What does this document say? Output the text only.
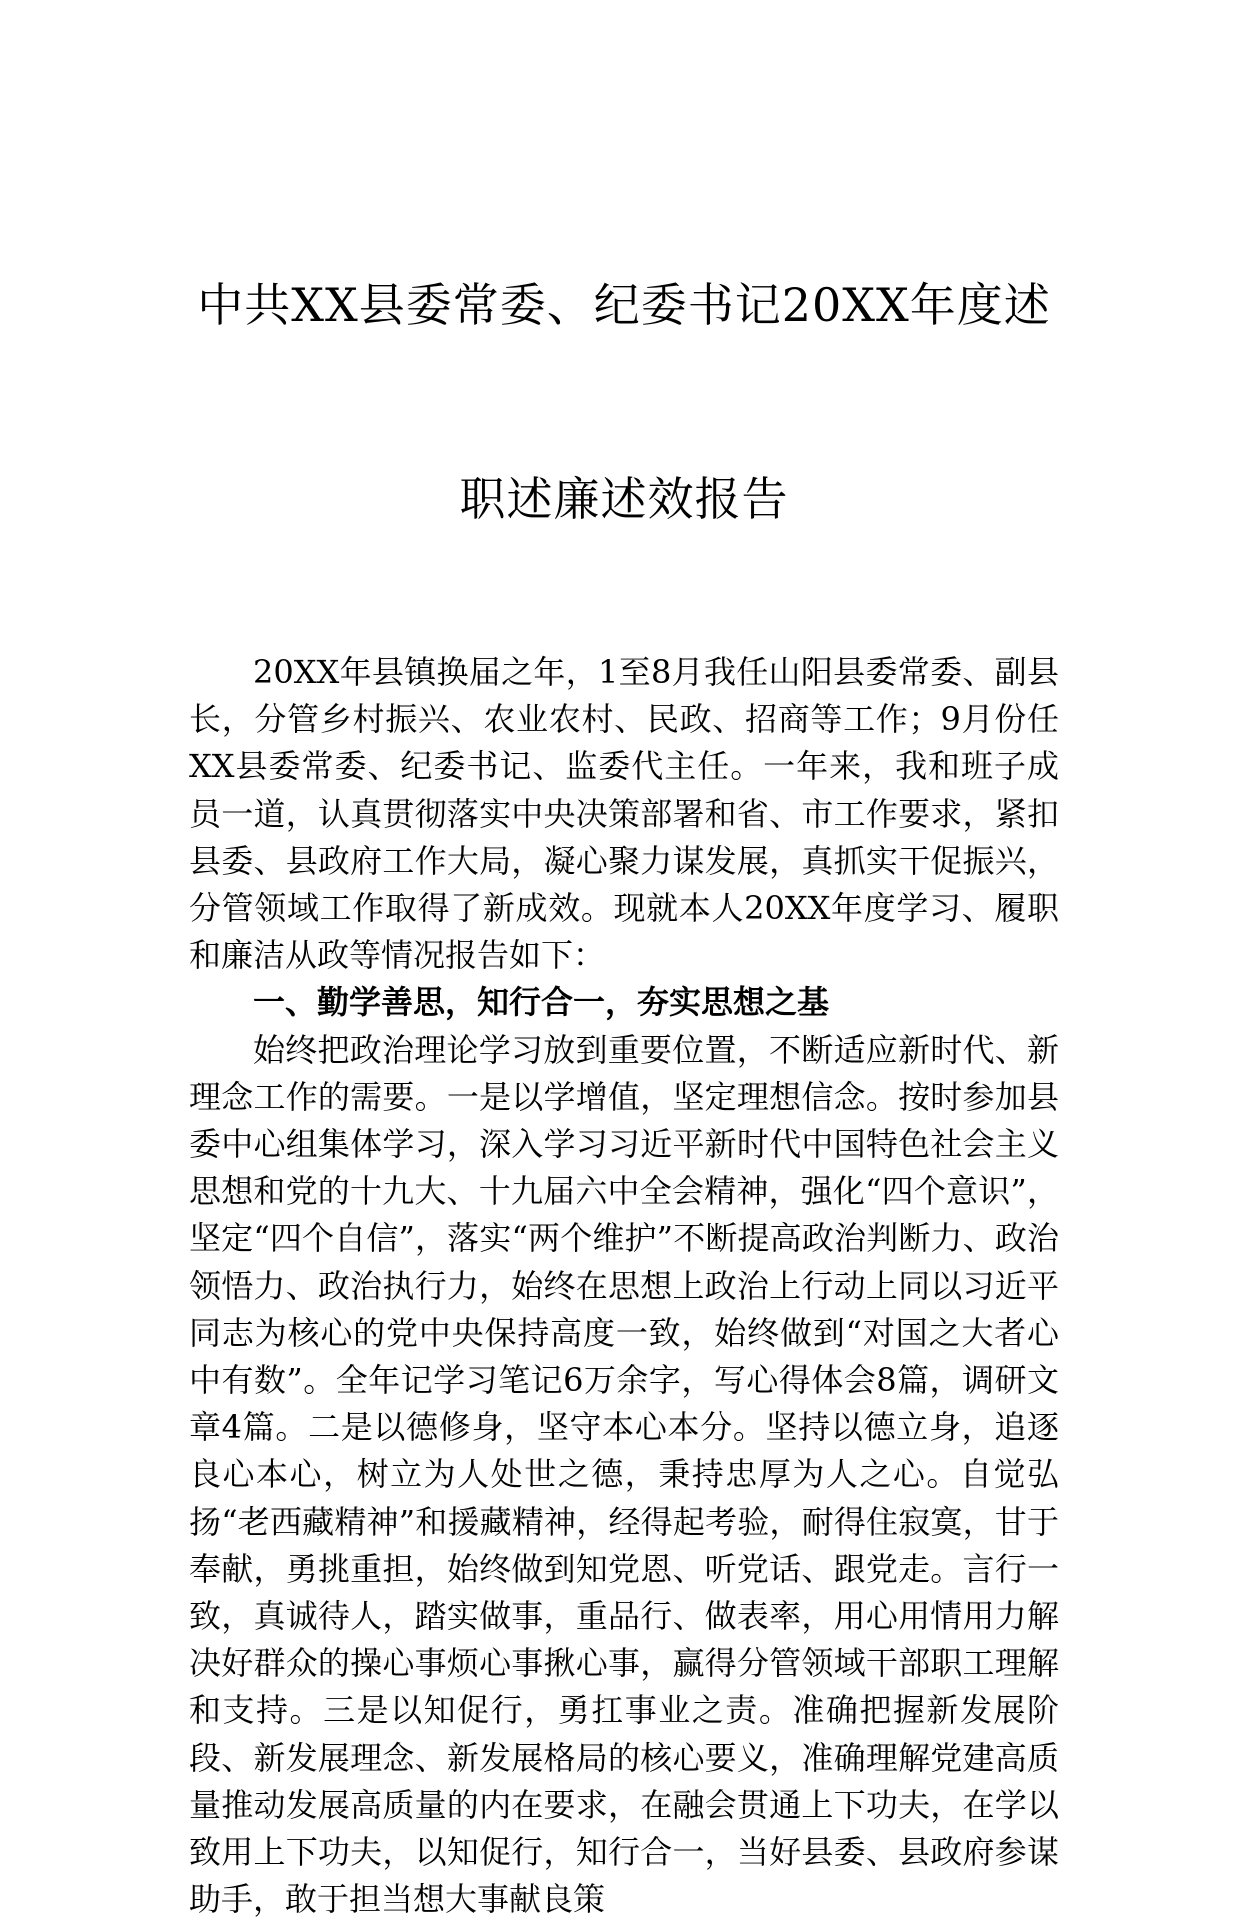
中共XX县委常委、纪委书记20XX年度述

职述廉述效报告

20XX年县镇换届之年，1至8月我任山阳县委常委、副县长，分管乡村振兴、农业农村、民政、招商等工作；9月份任XX县委常委、纪委书记、监委代主任。一年来，我和班子成员一道，认真贯彻落实中央决策部署和省、市工作要求，紧扣县委、县政府工作大局，凝心聚力谋发展，真抓实干促振兴，分管领域工作取得了新成效。现就本人20XX年度学习、履职和廉洁从政等情况报告如下：

一、勤学善思，知行合一，夯实思想之基

始终把政治理论学习放到重要位置，不断适应新时代、新理念工作的需要。一是以学增值，坚定理想信念。按时参加县委中心组集体学习，深入学习习近平新时代中国特色社会主义思想和党的十九大、十九届六中全会精神，强化“四个意识”，坚定“四个自信”，落实“两个维护”不断提高政治判断力、政治领悟力、政治执行力，始终在思想上政治上行动上同以习近平同志为核心的党中央保持高度一致，始终做到“对国之大者心中有数”。全年记学习笔记6万余字，写心得体会8篇，调研文章4篇。二是以德修身，坚守本心本分。坚持以德立身，追逐良心本心，树立为人处世之德，秉持忠厚为人之心。自觉弘扬“老西藏精神”和援藏精神，经得起考验，耐得住寂寞，甘于奉献，勇挑重担，始终做到知党恩、听党话、跟党走。言行一致，真诚待人，踏实做事，重品行、做表率，用心用情用力解决好群众的操心事烦心事揪心事，赢得分管领域干部职工理解和支持。三是以知促行，勇扛事业之责。准确把握新发展阶段、新发展理念、新发展格局的核心要义，准确理解党建高质量推动发展高质量的内在要求，在融会贯通上下功夫，在学以致用上下功夫，以知促行，知行合一，当好县委、县政府参谋助手，敢于担当想大事献良策
